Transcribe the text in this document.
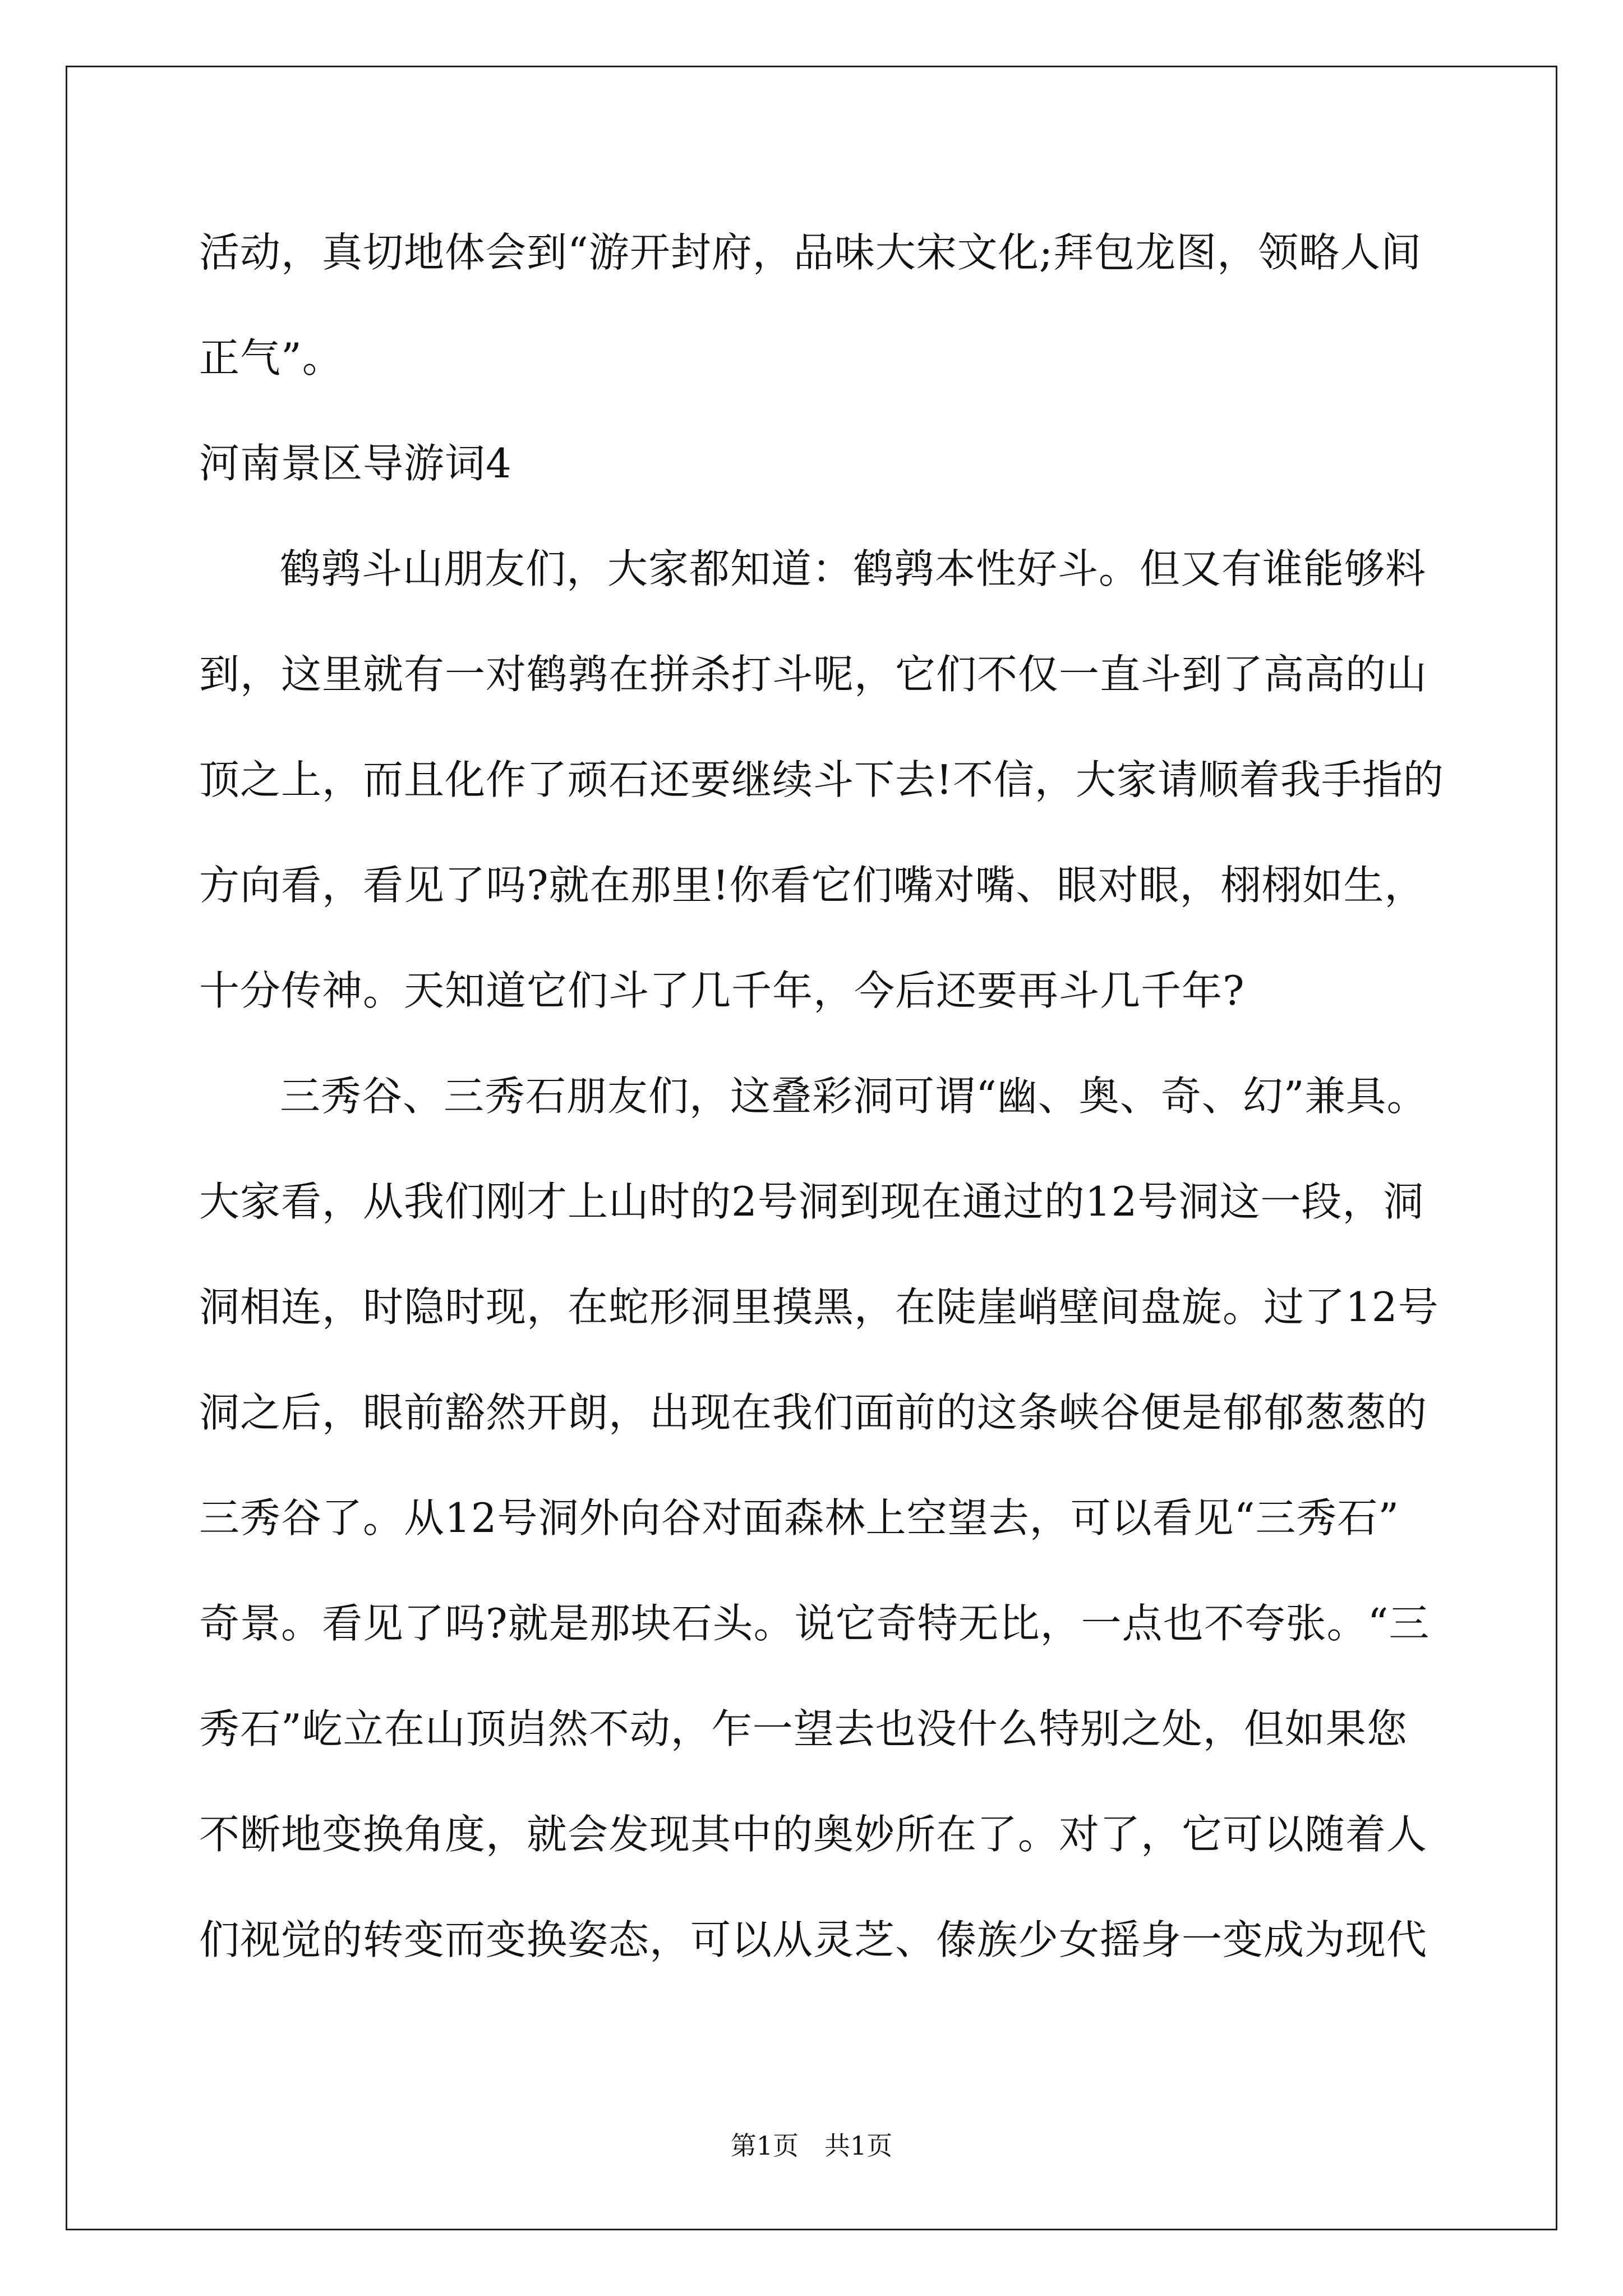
活动，真切地体会到“游开封府，品味大宋文化;拜包龙图，领略人间
正气”。
河南景区导游词4
鹤鹑斗山朋友们，大家都知道：鹤鹑本性好斗。但又有谁能够料
到，这里就有一对鹤鹑在拼杀打斗呢，它们不仅一直斗到了高高的山
顶之上，而且化作了顽石还要继续斗下去!不信，大家请顺着我手指的
方向看，看见了吗?就在那里!你看它们嘴对嘴、眼对眼，栩栩如生，
十分传神。天知道它们斗了几千年，今后还要再斗几千年?
三秀谷、三秀石朋友们，这叠彩洞可谓“幽、奥、奇、幻”兼具。
大家看，从我们刚才上山时的2号洞到现在通过的12号洞这一段，洞
洞相连，时隐时现，在蛇形洞里摸黑，在陡崖峭壁间盘旋。过了12号
洞之后，眼前豁然开朗，出现在我们面前的这条峡谷便是郁郁葱葱的
三秀谷了。从12号洞外向谷对面森林上空望去，可以看见“三秀石”
奇景。看见了吗?就是那块石头。说它奇特无比，一点也不夸张。“三
秀石”屹立在山顶岿然不动，乍一望去也没什么特别之处，但如果您
不断地变换角度，就会发现其中的奥妙所在了。对了，它可以随着人
们视觉的转变而变换姿态，可以从灵芝、傣族少女摇身一变成为现代
第1页　共1页
